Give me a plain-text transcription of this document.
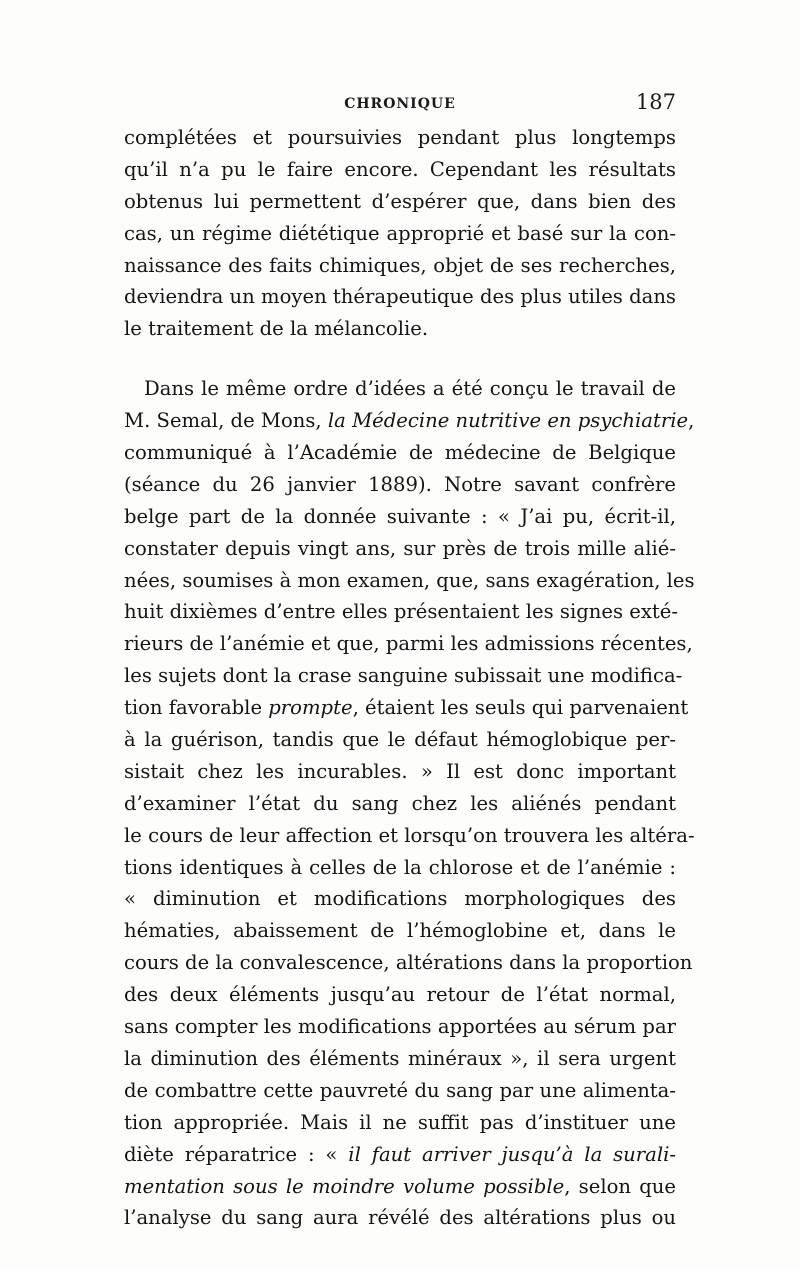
CHRONIQUE	187
complétées et poursuivies pendant plus longtemps
qu’il n’a pu le faire encore. Cependant les résultats
obtenus lui permettent d’espérer que, dans bien des
cas, un régime diététique approprié et basé sur la con-
naissance des faits chimiques, objet de ses recherches,
deviendra un moyen thérapeutique des plus utiles dans
le traitement de la mélancolie.
Dans le même ordre d’idées a été conçu le travail de
M. Semal, de Mons, la Médecine nutritive en psychiatrie,
communiqué à l’Académie de médecine de Belgique
(séance du 26 janvier 1889). Notre savant confrère
belge part de la donnée suivante : « J’ai pu, écrit-il,
constater depuis vingt ans, sur près de trois mille alié-
nées, soumises à mon examen, que, sans exagération, les
huit dixièmes d’entre elles présentaient les signes exté-
rieurs de l’anémie et que, parmi les admissions récentes,
les sujets dont la crase sanguine subissait une modifica-
tion favorable prompte, étaient les seuls qui parvenaient
à la guérison, tandis que le défaut hémoglobique per-
sistait chez les incurables. » Il est donc important
d’examiner l’état du sang chez les aliénés pendant
le cours de leur affection et lorsqu’on trouvera les altéra-
tions identiques à celles de la chlorose et de l’anémie :
« diminution et modifications morphologiques des
hématies, abaissement de l’hémoglobine et, dans le
cours de la convalescence, altérations dans la proportion
des deux éléments jusqu’au retour de l’état normal,
sans compter les modifications apportées au sérum par
la diminution des éléments minéraux », il sera urgent
de combattre cette pauvreté du sang par une alimenta-
tion appropriée. Mais il ne suffit pas d’instituer une
diète réparatrice : « il faut arriver jusqu’à la surali-
mentation sous le moindre volume possible, selon que
l’analyse du sang aura révélé des altérations plus ou
